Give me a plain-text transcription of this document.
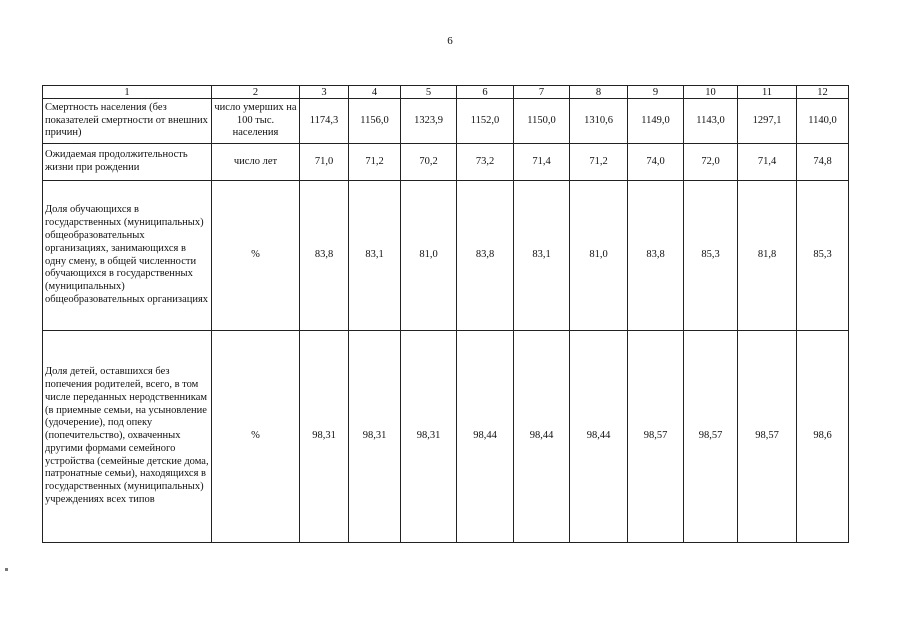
6
1	2	3	4	5	6	7	8	9	10	11	12
Смертность населения (без показателей смертности от внешних причин)	число умерших на 100 тыс. населения	1174,3	1156,0	1323,9	1152,0	1150,0	1310,6	1149,0	1143,0	1297,1	1140,0
Ожидаемая продолжительность жизни при рождении	число лет	71,0	71,2	70,2	73,2	71,4	71,2	74,0	72,0	71,4	74,8
Доля обучающихся в государственных (муниципальных) общеобразовательных организациях, занимающихся в одну смену, в общей численности обучающихся в государственных (муниципальных) общеобразовательных организациях	%	83,8	83,1	81,0	83,8	83,1	81,0	83,8	85,3	81,8	85,3
Доля детей, оставшихся без попечения родителей, всего, в том числе переданных неродственникам (в приемные семьи, на усыновление (удочерение), под опеку (попечительство), охваченных другими формами семейного устройства (семейные детские дома, патронатные семьи), находящихся в государственных (муниципальных) учреждениях всех типов	%	98,31	98,31	98,31	98,44	98,44	98,44	98,57	98,57	98,57	98,6
